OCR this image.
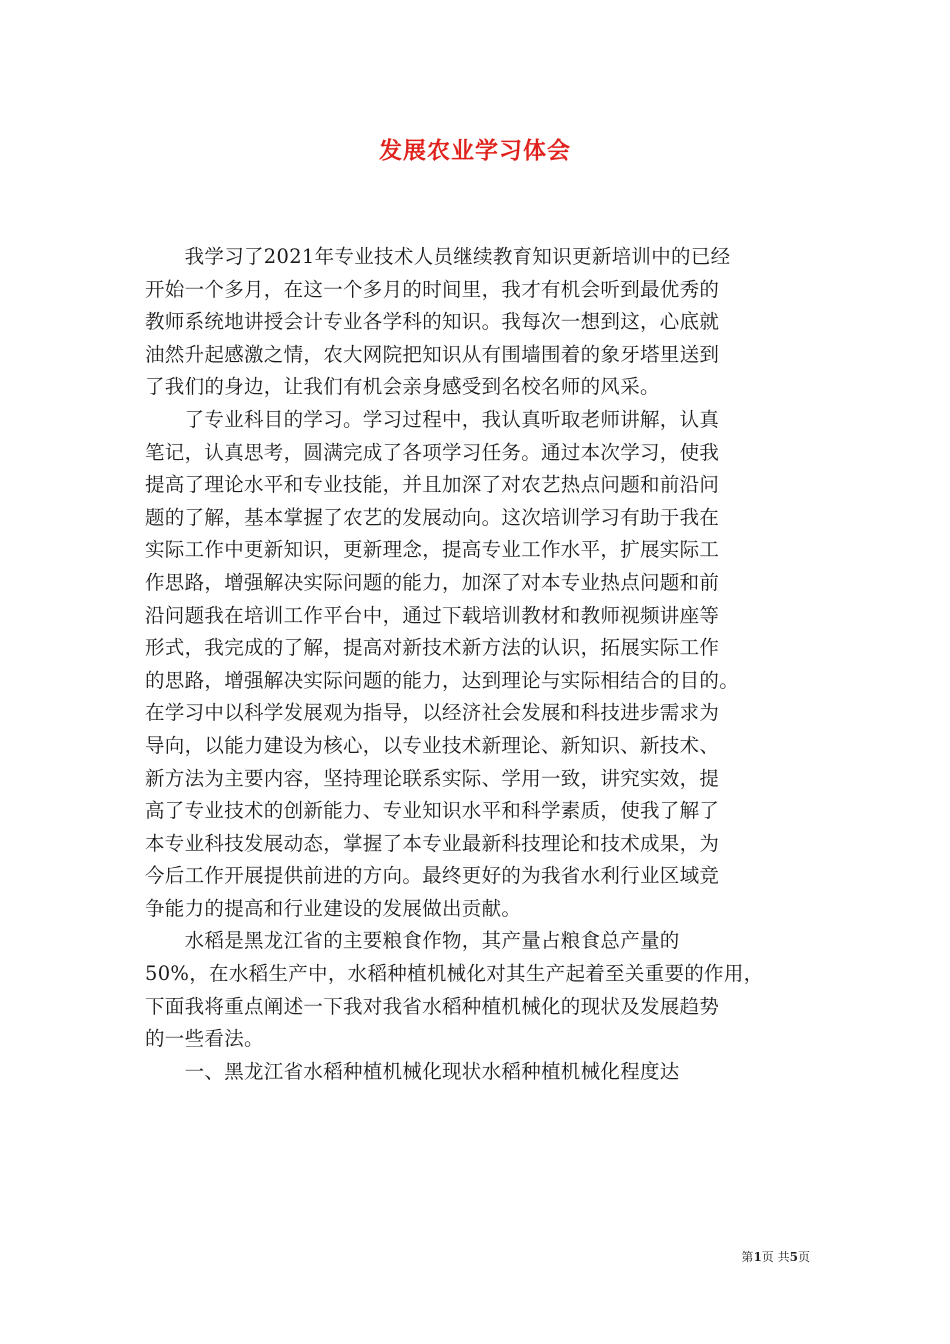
发展农业学习体会
　　我学习了2021年专业技术人员继续教育知识更新培训中的已经
开始一个多月，在这一个多月的时间里，我才有机会听到最优秀的
教师系统地讲授会计专业各学科的知识。我每次一想到这，心底就
油然升起感激之情，农大网院把知识从有围墙围着的象牙塔里送到
了我们的身边，让我们有机会亲身感受到名校名师的风采。
　　了专业科目的学习。学习过程中，我认真听取老师讲解，认真
笔记，认真思考，圆满完成了各项学习任务。通过本次学习，使我
提高了理论水平和专业技能，并且加深了对农艺热点问题和前沿问
题的了解，基本掌握了农艺的发展动向。这次培训学习有助于我在
实际工作中更新知识，更新理念，提高专业工作水平，扩展实际工
作思路，增强解决实际问题的能力，加深了对本专业热点问题和前
沿问题我在培训工作平台中，通过下载培训教材和教师视频讲座等
形式，我完成的了解，提高对新技术新方法的认识，拓展实际工作
的思路，增强解决实际问题的能力，达到理论与实际相结合的目的。
在学习中以科学发展观为指导，以经济社会发展和科技进步需求为
导向，以能力建设为核心，以专业技术新理论、新知识、新技术、
新方法为主要内容，坚持理论联系实际、学用一致，讲究实效，提
高了专业技术的创新能力、专业知识水平和科学素质，使我了解了
本专业科技发展动态，掌握了本专业最新科技理论和技术成果，为
今后工作开展提供前进的方向。最终更好的为我省水利行业区域竞
争能力的提高和行业建设的发展做出贡献。
　　水稻是黑龙江省的主要粮食作物，其产量占粮食总产量的
50%，在水稻生产中，水稻种植机械化对其生产起着至关重要的作用，
下面我将重点阐述一下我对我省水稻种植机械化的现状及发展趋势
的一些看法。
　　一、黑龙江省水稻种植机械化现状水稻种植机械化程度达
第1页 共5页
